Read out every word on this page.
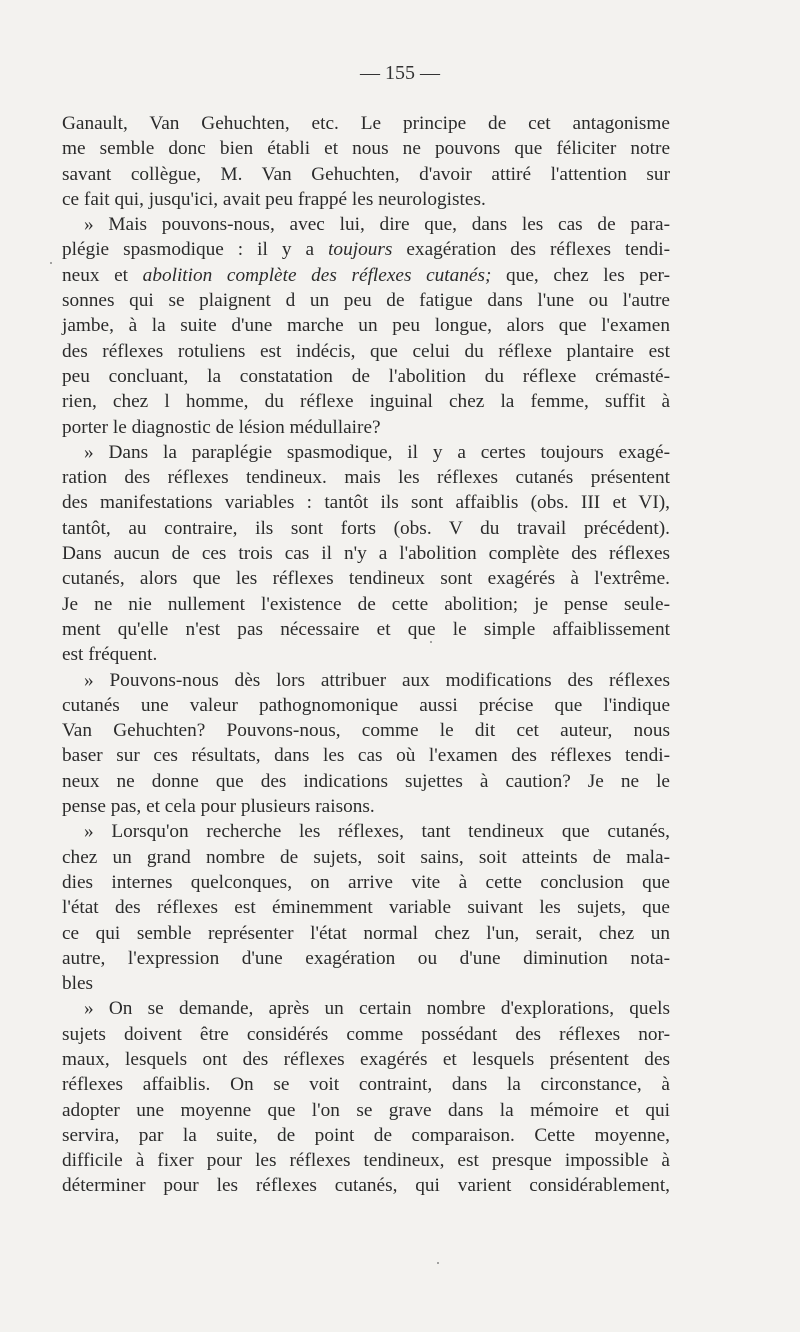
— 155 —
Ganault, Van Gehuchten, etc. Le principe de cet antagonisme
me semble donc bien établi et nous ne pouvons que féliciter notre
savant collègue, M. Van Gehuchten, d'avoir attiré l'attention sur
ce fait qui, jusqu'ici, avait peu frappé les neurologistes.
» Mais pouvons-nous, avec lui, dire que, dans les cas de para-
plégie spasmodique : il y a toujours exagération des réflexes tendi-
neux et abolition complète des réflexes cutanés; que, chez les per-
sonnes qui se plaignent d un peu de fatigue dans l'une ou l'autre
jambe, à la suite d'une marche un peu longue, alors que l'examen
des réflexes rotuliens est indécis, que celui du réflexe plantaire est
peu concluant, la constatation de l'abolition du réflexe crémasté-
rien, chez l homme, du réflexe inguinal chez la femme, suffit à
porter le diagnostic de lésion médullaire?
» Dans la paraplégie spasmodique, il y a certes toujours exagé-
ration des réflexes tendineux. mais les réflexes cutanés présentent
des manifestations variables : tantôt ils sont affaiblis (obs. III et VI),
tantôt, au contraire, ils sont forts (obs. V du travail précédent).
Dans aucun de ces trois cas il n'y a l'abolition complète des réflexes
cutanés, alors que les réflexes tendineux sont exagérés à l'extrême.
Je ne nie nullement l'existence de cette abolition; je pense seule-
ment qu'elle n'est pas nécessaire et que le simple affaiblissement
est fréquent.
» Pouvons-nous dès lors attribuer aux modifications des réflexes
cutanés une valeur pathognomonique aussi précise que l'indique
Van Gehuchten? Pouvons-nous, comme le dit cet auteur, nous
baser sur ces résultats, dans les cas où l'examen des réflexes tendi-
neux ne donne que des indications sujettes à caution? Je ne le
pense pas, et cela pour plusieurs raisons.
» Lorsqu'on recherche les réflexes, tant tendineux que cutanés,
chez un grand nombre de sujets, soit sains, soit atteints de mala-
dies internes quelconques, on arrive vite à cette conclusion que
l'état des réflexes est éminemment variable suivant les sujets, que
ce qui semble représenter l'état normal chez l'un, serait, chez un
autre, l'expression d'une exagération ou d'une diminution nota-
bles
» On se demande, après un certain nombre d'explorations, quels
sujets doivent être considérés comme possédant des réflexes nor-
maux, lesquels ont des réflexes exagérés et lesquels présentent des
réflexes affaiblis. On se voit contraint, dans la circonstance, à
adopter une moyenne que l'on se grave dans la mémoire et qui
servira, par la suite, de point de comparaison. Cette moyenne,
difficile à fixer pour les réflexes tendineux, est presque impossible à
déterminer pour les réflexes cutanés, qui varient considérablement,
